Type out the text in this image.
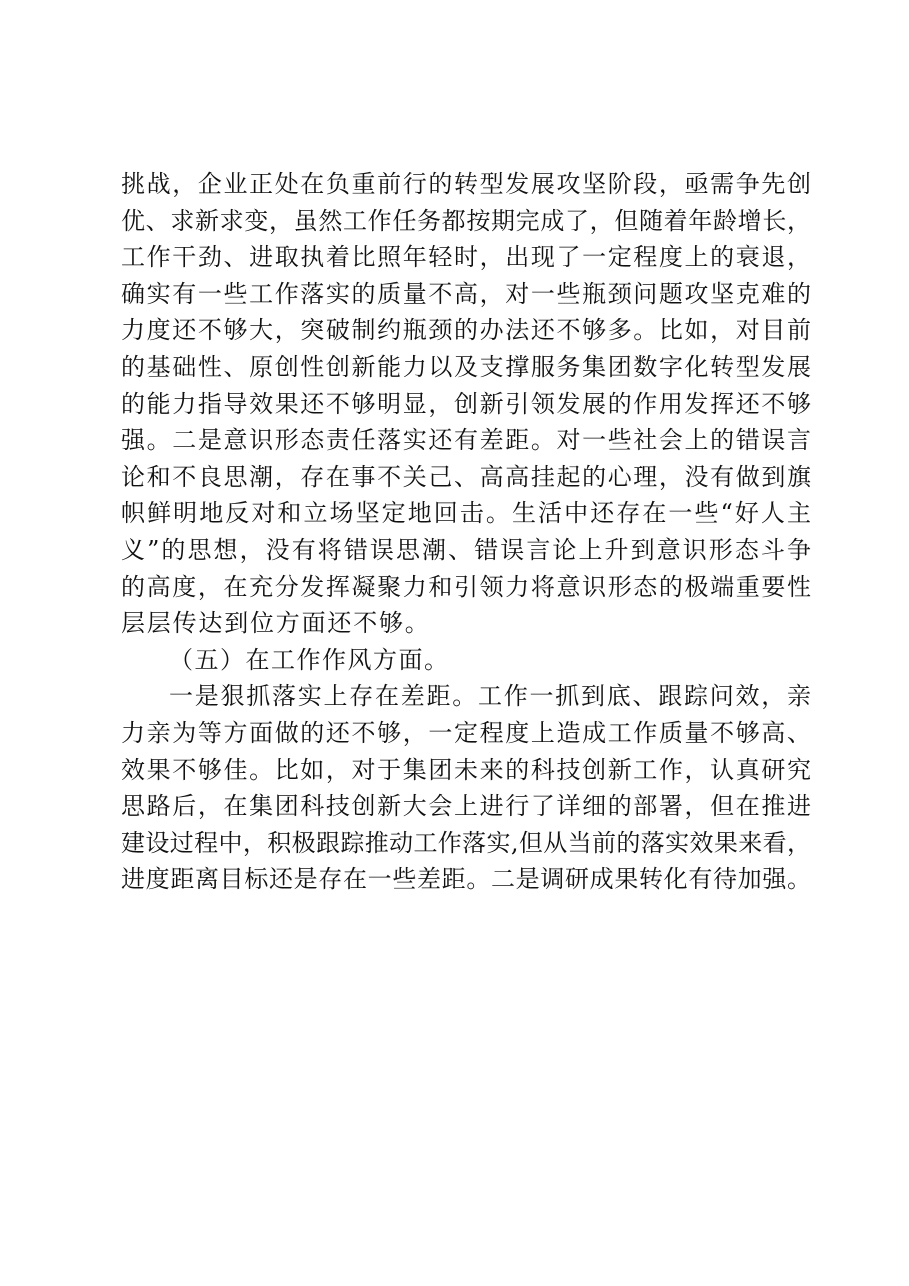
挑战，企业正处在负重前行的转型发展攻坚阶段，亟需争先创
优、求新求变，虽然工作任务都按期完成了，但随着年龄增长，
工作干劲、进取执着比照年轻时，出现了一定程度上的衰退，
确实有一些工作落实的质量不高，对一些瓶颈问题攻坚克难的
力度还不够大，突破制约瓶颈的办法还不够多。比如，对目前
的基础性、原创性创新能力以及支撑服务集团数字化转型发展
的能力指导效果还不够明显，创新引领发展的作用发挥还不够
强。二是意识形态责任落实还有差距。对一些社会上的错误言
论和不良思潮，存在事不关己、高高挂起的心理，没有做到旗
帜鲜明地反对和立场坚定地回击。生活中还存在一些“好人主
义”的思想，没有将错误思潮、错误言论上升到意识形态斗争
的高度，在充分发挥凝聚力和引领力将意识形态的极端重要性
层层传达到位方面还不够。
（五）在工作作风方面。
一是狠抓落实上存在差距。工作一抓到底、跟踪问效，亲
力亲为等方面做的还不够，一定程度上造成工作质量不够高、
效果不够佳。比如，对于集团未来的科技创新工作，认真研究
思路后，在集团科技创新大会上进行了详细的部署，但在推进
建设过程中，积极跟踪推动工作落实,但从当前的落实效果来看，
进度距离目标还是存在一些差距。二是调研成果转化有待加强。
